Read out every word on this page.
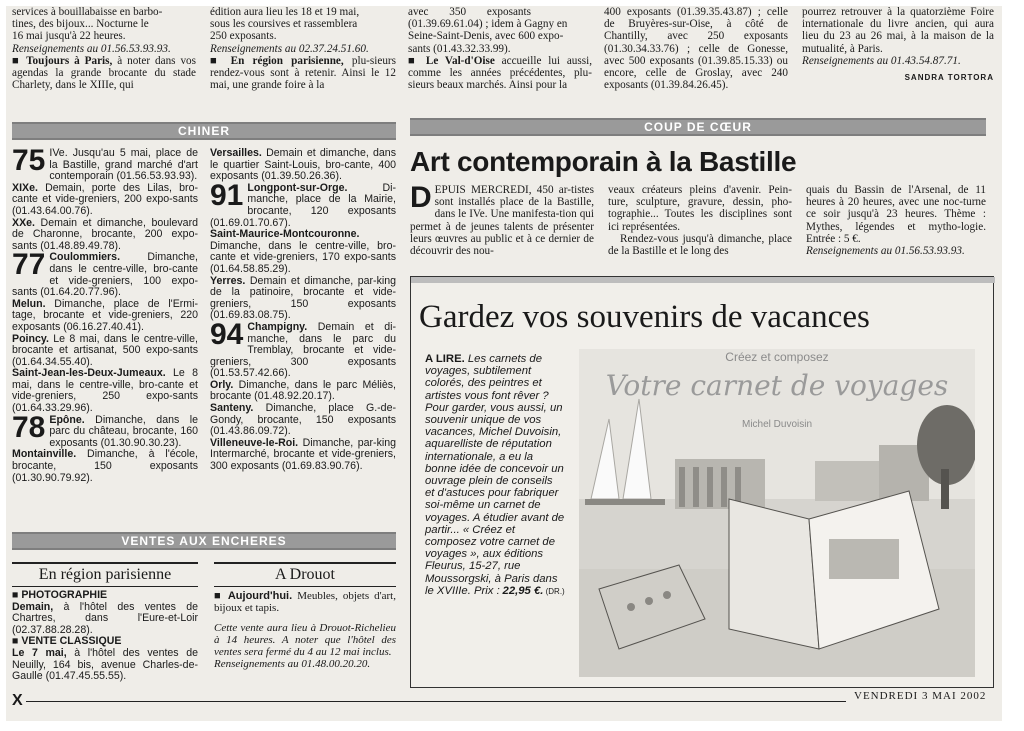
services à bouillabaisse en barbo-

tines, des bijoux... Nocturne le

16 mai jusqu'à 22 heures.

Renseignements au 01.56.53.93.93.

■ Toujours à Paris, à noter dans vos agendas la grande brocante du stade Charlety, dans le XIIIe, qui

édition aura lieu les 18 et 19 mai,

sous les coursives et rassemblera

250 exposants.

Renseignements au 02.37.24.51.60.

■ En région parisienne, plu-sieurs rendez-vous sont à retenir. Ainsi le 12 mai, une grande foire à la

avec 350 exposants

(01.39.69.61.04) ; idem à Gagny en

Seine-Saint-Denis, avec 600 expo-

sants (01.43.32.33.99).

■ Le Val-d'Oise accueille lui aussi, comme les années précédentes, plu-sieurs beaux marchés. Ainsi pour la

400 exposants (01.39.35.43.87) ; celle de Bruyères-sur-Oise, à côté de Chantilly, avec 250 exposants (01.30.34.33.76) ; celle de Gonesse, avec 500 exposants (01.39.85.15.33) ou encore, celle de Groslay, avec 240 exposants (01.39.84.26.45).

pourrez retrouver à la quatorzième Foire internationale du livre ancien, qui aura lieu du 23 au 26 mai, à la maison de la mutualité, à Paris.

Renseignements au 01.43.54.87.71.

SANDRA TORTORA

CHINER
75 IVe. Jusqu'au 5 mai, place de la Bastille, grand marché d'art contemporain (01.56.53.93.93).
XIXe. Demain, porte des Lilas, bro-cante et vide-greniers, 200 expo-sants (01.43.64.00.76).
XXe. Demain et dimanche, boulevard de Charonne, brocante, 200 expo-sants (01.48.89.49.78).
77 Coulommiers. Dimanche, dans le centre-ville, bro-cante et vide-greniers, 100 expo-sants (01.64.20.77.96).
Melun. Dimanche, place de l'Ermi-tage, brocante et vide-greniers, 220 exposants (06.16.27.40.41).
Poincy. Le 8 mai, dans le centre-ville, brocante et artisanat, 500 expo-sants (01.64.34.55.40).
Saint-Jean-les-Deux-Jumeaux. Le 8 mai, dans le centre-ville, bro-cante et vide-greniers, 250 expo-sants (01.64.33.29.96).
78 Epône. Dimanche, dans le parc du château, brocante, 160 exposants (01.30.90.30.23).
Montainville. Dimanche, à l'école, brocante, 150 exposants (01.30.90.79.92).
Versailles. Demain et dimanche, dans le quartier Saint-Louis, bro-cante, 400 exposants (01.39.50.26.36).
91 Longpont-sur-Orge. Di-manche, place de la Mairie, brocante, 120 exposants (01.69.01.70.67).
Saint-Maurice-Montcouronne. Dimanche, dans le centre-ville, bro-cante et vide-greniers, 170 expo-sants (01.64.58.85.29).
Yerres. Demain et dimanche, par-king de la patinoire, brocante et vide-greniers, 150 exposants (01.69.83.08.75).
94 Champigny. Demain et di-manche, dans le parc du Tremblay, brocante et vide-greniers, 300 exposants (01.53.57.42.66).
Orly. Dimanche, dans le parc Méliès, brocante (01.48.92.20.17).
Santeny. Dimanche, place G.-de-Gondy, brocante, 150 exposants (01.43.86.09.72).
Villeneuve-le-Roi. Dimanche, par-king Intermarché, brocante et vide-greniers, 300 exposants (01.69.83.90.76).
VENTES AUX ENCHERES
En région parisienne

■ PHOTOGRAPHIE

Demain, à l'hôtel des ventes de Chartres, dans l'Eure-et-Loir (02.37.88.28.28).

■ VENTE CLASSIQUE

Le 7 mai, à l'hôtel des ventes de Neuilly, 164 bis, avenue Charles-de-Gaulle (01.47.45.55.55).

A Drouot

■ Aujourd'hui. Meubles, objets d'art, bijoux et tapis.

Cette vente aura lieu à Drouot-Richelieu à 14 heures. A noter que l'hôtel des ventes sera fermé du 4 au 12 mai inclus.

Renseignements au 01.48.00.20.20.

COUP DE CŒUR
Art contemporain à la Bastille
DEPUIS MERCREDI, 450 ar-tistes sont installés place de la Bastille, dans le IVe. Une manifesta-tion qui permet à de jeunes talents de présenter leurs œuvres au public et à ce dernier de découvrir des nou-

veaux créateurs pleins d'avenir. Pein-ture, sculpture, gravure, dessin, pho-tographie... Toutes les disciplines sont ici représentées.

Rendez-vous jusqu'à dimanche, place de la Bastille et le long des

quais du Bassin de l'Arsenal, de 11 heures à 20 heures, avec une noc-turne ce soir jusqu'à 23 heures. Thème : Mythes, légendes et mytho-logie. Entrée : 5 €.

Renseignements au 01.56.53.93.93.

Gardez vos souvenirs de vacances
A LIRE. Les carnets de voyages, subtilement colorés, des peintres et artistes vous font rêver ? Pour garder, vous aussi, un souvenir unique de vos vacances, Michel Duvoisin, aquarelliste de réputation internationale, a eu la bonne idée de concevoir un ouvrage plein de conseils et d'astuces pour fabriquer soi-même un carnet de voyages. A étudier avant de partir... « Créez et composez votre carnet de voyages », aux éditions Fleurus, 15-27, rue Moussorgski, à Paris dans le XVIIIe. Prix : 22,95 €. (DR.)
Créez et composez
Votre carnet de voyages
Michel Duvoisin
X	VENDREDI 3 MAI 2002
